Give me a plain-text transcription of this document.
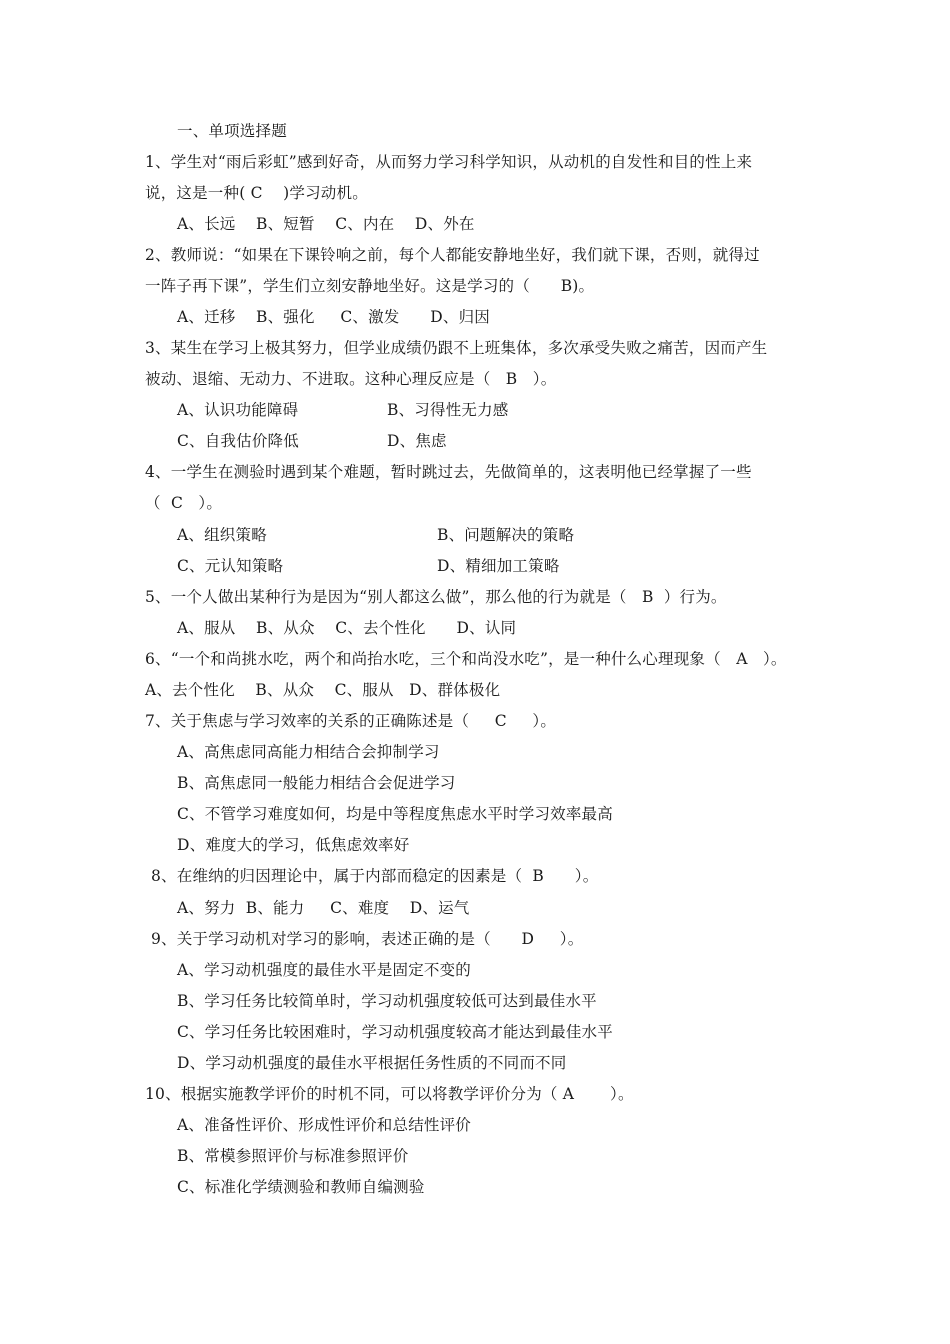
一、单项选择题
1、学生对“雨后彩虹”感到好奇，从而努力学习科学知识，从动机的自发性和目的性上来
说，这是一种( C    )学习动机。
A、长远    B、短暂    C、内在    D、外在
2、教师说：“如果在下课铃响之前，每个人都能安静地坐好，我们就下课，否则，就得过
一阵子再下课”，学生们立刻安静地坐好。这是学习的（      B)。
A、迁移    B、强化     C、激发      D、归因
3、某生在学习上极其努力，但学业成绩仍跟不上班集体，多次承受失败之痛苦，因而产生
被动、退缩、无动力、不进取。这种心理反应是（   B   ）。
A、认识功能障碍	B、习得性无力感
C、自我估价降低	D、焦虑
4、一学生在测验时遇到某个难题，暂时跳过去，先做简单的，这表明他已经掌握了一些
（  C   ）。
A、组织策略	B、问题解决的策略
C、元认知策略	D、精细加工策略
5、一个人做出某种行为是因为“别人都这么做”，那么他的行为就是（   B  ）行为。
A、服从    B、从众    C、去个性化      D、认同
6、“一个和尚挑水吃，两个和尚抬水吃，三个和尚没水吃”，是一种什么心理现象（   A   ）。
A、去个性化    B、从众    C、服从   D、群体极化
7、关于焦虑与学习效率的关系的正确陈述是（     C     ）。
A、高焦虑同高能力相结合会抑制学习
B、高焦虑同一般能力相结合会促进学习
C、不管学习难度如何，均是中等程度焦虑水平时学习效率最高
D、难度大的学习，低焦虑效率好
8、在维纳的归因理论中，属于内部而稳定的因素是（  B      ）。
A、努力  B、能力     C、难度    D、运气
9、关于学习动机对学习的影响，表述正确的是（      D     ）。
A、学习动机强度的最佳水平是固定不变的
B、学习任务比较简单时，学习动机强度较低可达到最佳水平
C、学习任务比较困难时，学习动机强度较高才能达到最佳水平
D、学习动机强度的最佳水平根据任务性质的不同而不同
10、根据实施教学评价的时机不同，可以将教学评价分为（ A       ）。
A、准备性评价、形成性评价和总结性评价
B、常模参照评价与标准参照评价
C、标准化学绩测验和教师自编测验
